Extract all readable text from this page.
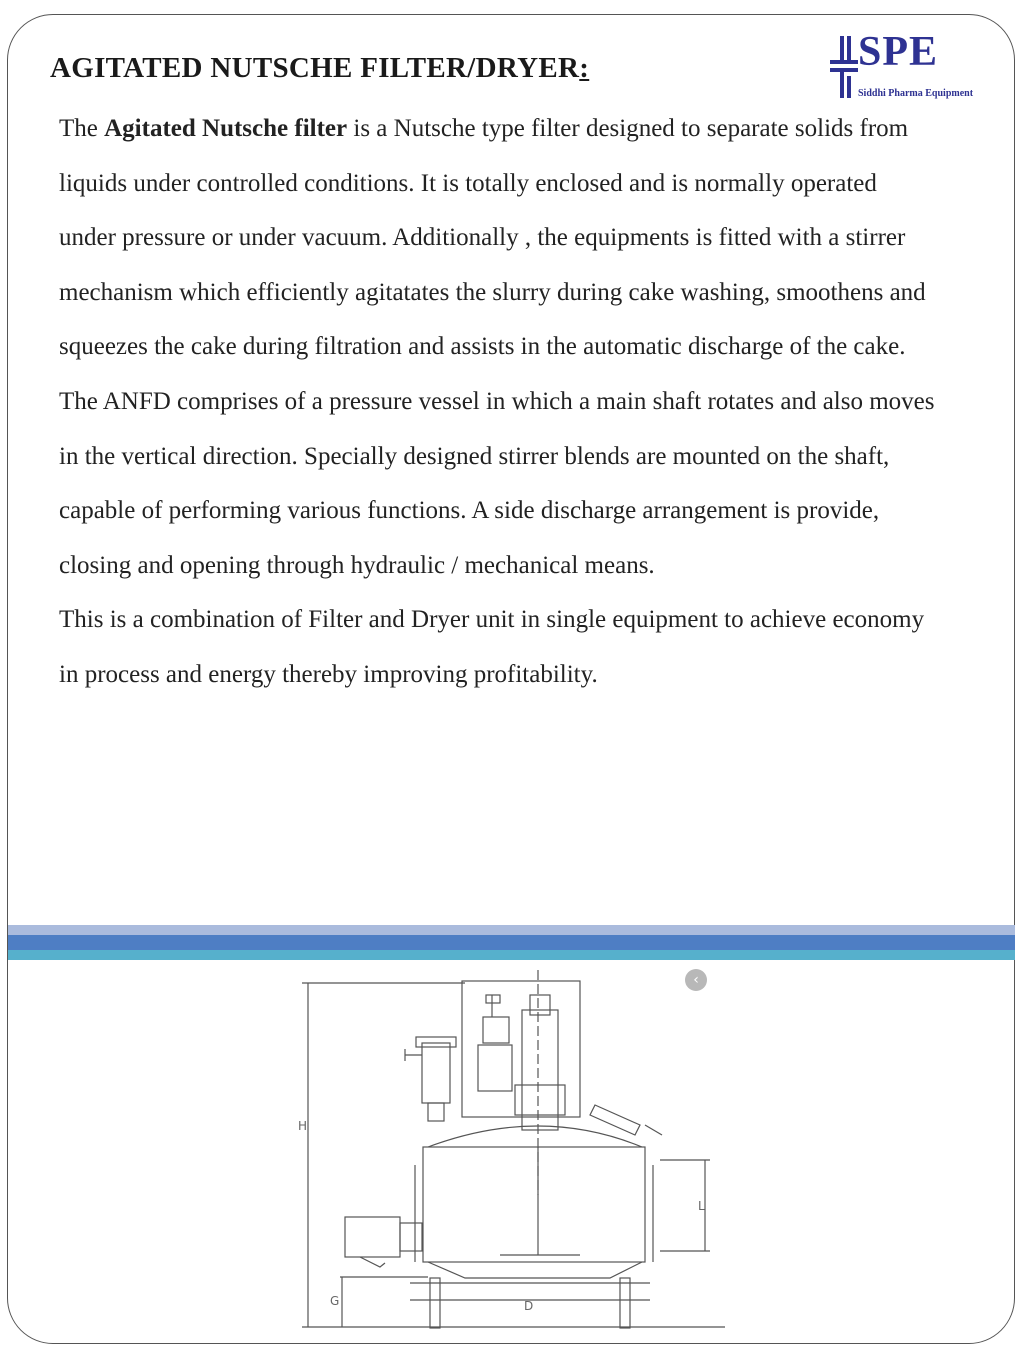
AGITATED NUTSCHE FILTER/DRYER:	SPE
Siddhi Pharma Equipment

The Agitated Nutsche filter is a Nutsche type filter designed to separate solids from liquids under controlled conditions. It is totally enclosed and is normally operated under pressure or under vacuum. Additionally , the equipments is fitted with a stirrer mechanism which efficiently agitatates the slurry during cake washing, smoothens and squeezes the cake during filtration and assists in the automatic discharge of the cake. The ANFD comprises of a pressure vessel in which a main shaft rotates and also moves in the vertical direction. Specially designed stirrer blends are mounted on the shaft, capable of performing various functions. A side discharge arrangement is provide, closing and opening through hydraulic / mechanical means.

This is a combination of Filter and Dryer unit in single equipment to achieve economy in process and energy thereby improving profitability.

‹
H
L
G	D
